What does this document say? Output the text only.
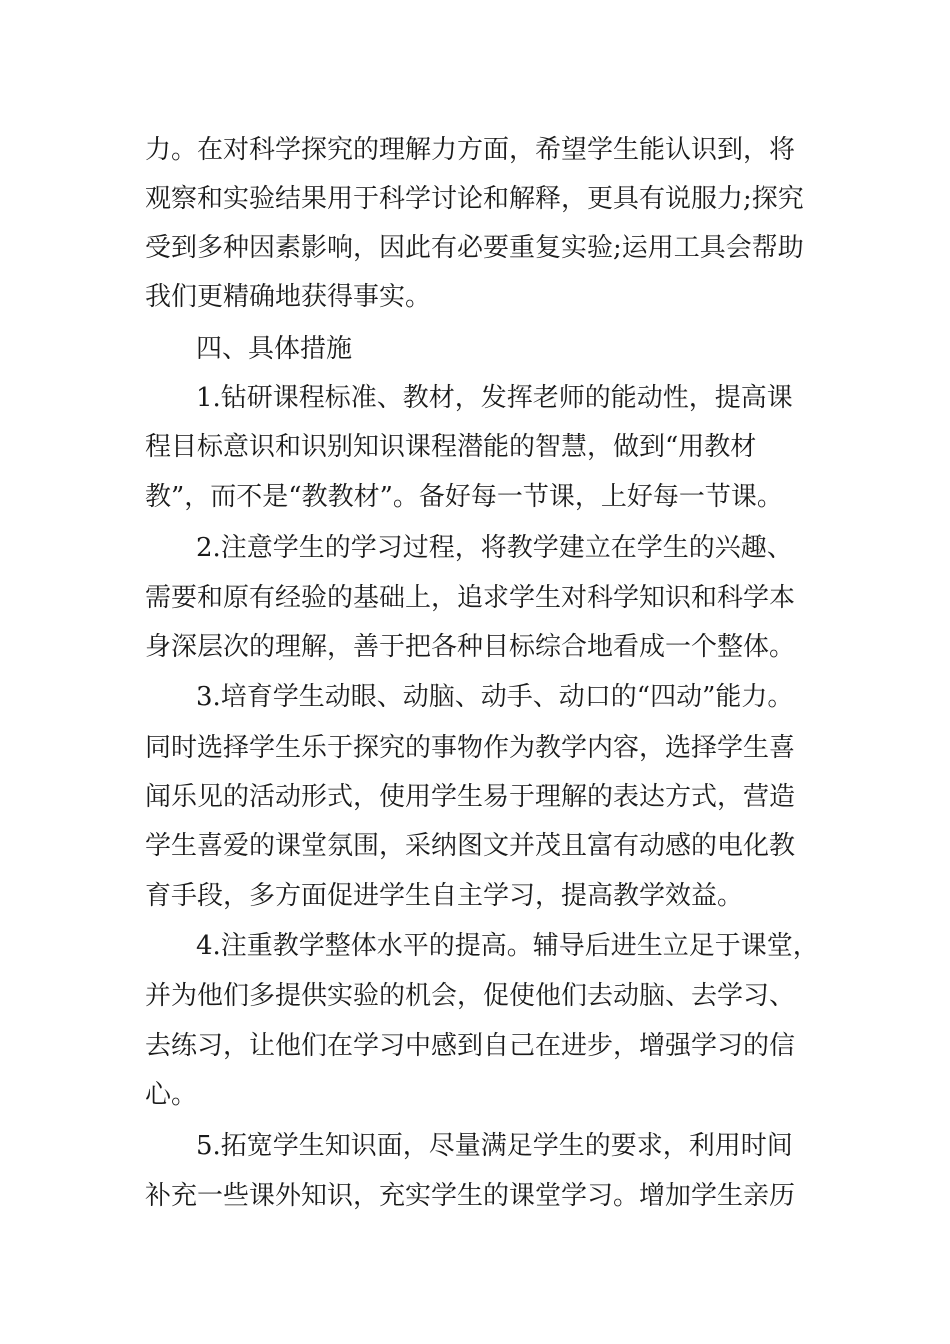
力。在对科学探究的理解力方面，希望学生能认识到，将
观察和实验结果用于科学讨论和解释，更具有说服力;探究
受到多种因素影响，因此有必要重复实验;运用工具会帮助
我们更精确地获得事实。
四、具体措施
1.钻研课程标准、教材，发挥老师的能动性，提高课
程目标意识和识别知识课程潜能的智慧，做到“用教材
教”，而不是“教教材”。备好每一节课，上好每一节课。
2.注意学生的学习过程，将教学建立在学生的兴趣、
需要和原有经验的基础上，追求学生对科学知识和科学本
身深层次的理解，善于把各种目标综合地看成一个整体。
3.培育学生动眼、动脑、动手、动口的“四动”能力。
同时选择学生乐于探究的事物作为教学内容，选择学生喜
闻乐见的活动形式，使用学生易于理解的表达方式，营造
学生喜爱的课堂氛围，采纳图文并茂且富有动感的电化教
育手段，多方面促进学生自主学习，提高教学效益。
4.注重教学整体水平的提高。辅导后进生立足于课堂，
并为他们多提供实验的机会，促使他们去动脑、去学习、
去练习，让他们在学习中感到自己在进步，增强学习的信
心。
5.拓宽学生知识面，尽量满足学生的要求，利用时间
补充一些课外知识，充实学生的课堂学习。增加学生亲历
